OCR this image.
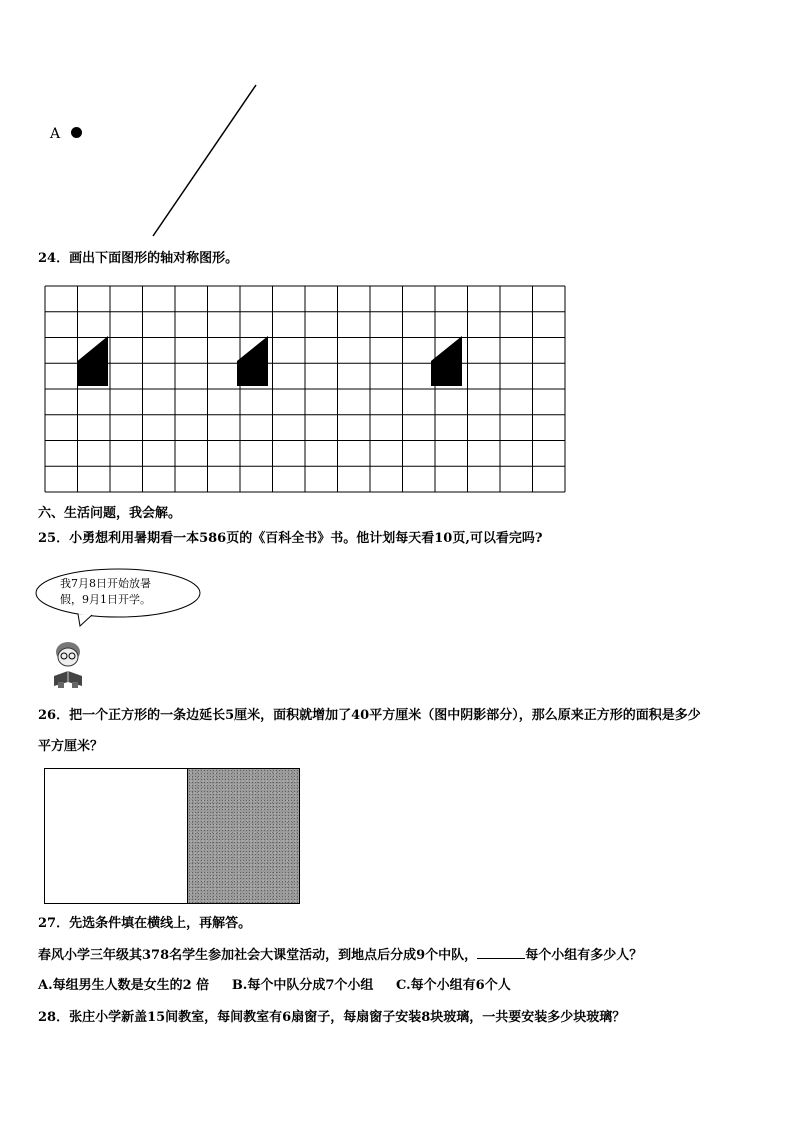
A
24．画出下面图形的轴对称图形。
六、生活问题，我会解。
25．小勇想利用暑期看一本586页的《百科全书》书。他计划每天看10页,可以看完吗?
我7月8日开始放暑
假，9月1日开学。
26．把一个正方形的一条边延长5厘米，面积就增加了40平方厘米（图中阴影部分），那么原来正方形的面积是多少
平方厘米？
27．先选条件填在横线上，再解答。
春风小学三年级其378名学生参加社会大课堂活动，到地点后分成9个中队，	每个小组有多少人？
A.每组男生人数是女生的2 倍     B.每个中队分成7个小组     C.每个小组有6个人
28．张庄小学新盖15间教室，每间教室有6扇窗子，每扇窗子安装8块玻璃，一共要安装多少块玻璃？
